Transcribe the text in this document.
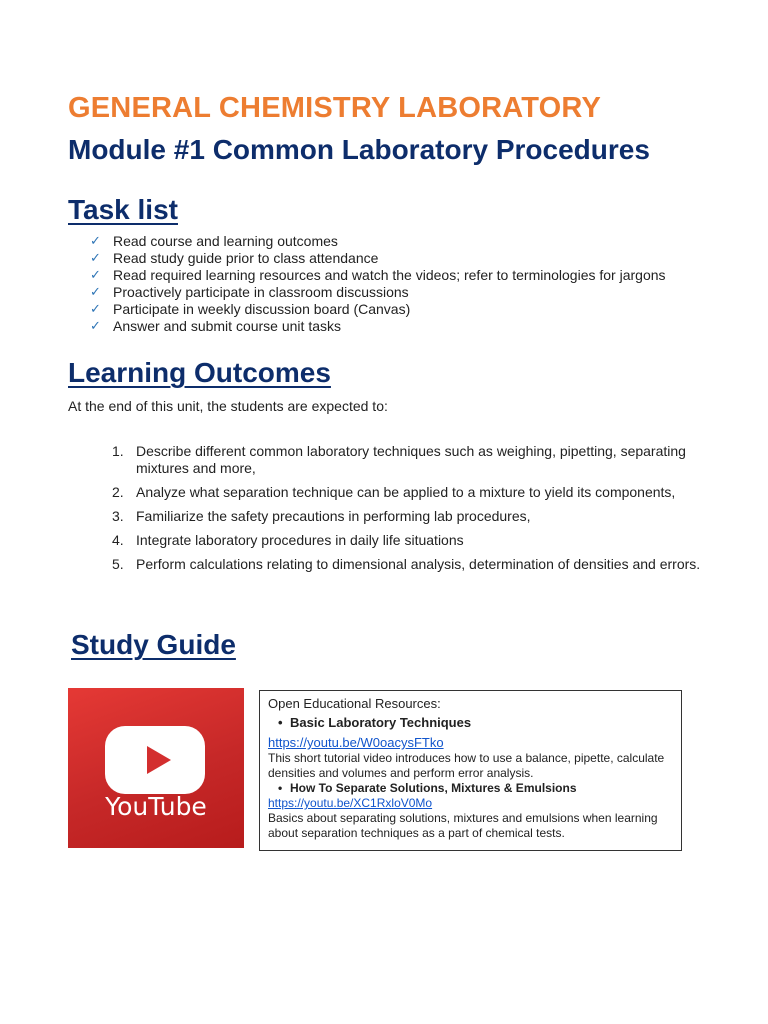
GENERAL CHEMISTRY LABORATORY
Module #1 Common Laboratory Procedures
Task list
✓ Read course and learning outcomes
✓ Read study guide prior to class attendance
✓ Read required learning resources and watch the videos; refer to terminologies for jargons
✓ Proactively participate in classroom discussions
✓ Participate in weekly discussion board (Canvas)
✓ Answer and submit course unit tasks
Learning Outcomes
At the end of this unit, the students are expected to:
1. Describe different common laboratory techniques such as weighing, pipetting, separating mixtures and more,
2. Analyze what separation technique can be applied to a mixture to yield its components,
3. Familiarize the safety precautions in performing lab procedures,
4. Integrate laboratory procedures in daily life situations
5. Perform calculations relating to dimensional analysis, determination of densities and errors.
Study Guide
YouTube
Open Educational Resources:
• Basic Laboratory Techniques
https://youtu.be/W0oacysFTko
This short tutorial video introduces how to use a balance, pipette, calculate densities and volumes and perform error analysis.
• How To Separate Solutions, Mixtures & Emulsions
https://youtu.be/XC1RxloV0Mo
Basics about separating solutions, mixtures and emulsions when learning about separation techniques as a part of chemical tests.
